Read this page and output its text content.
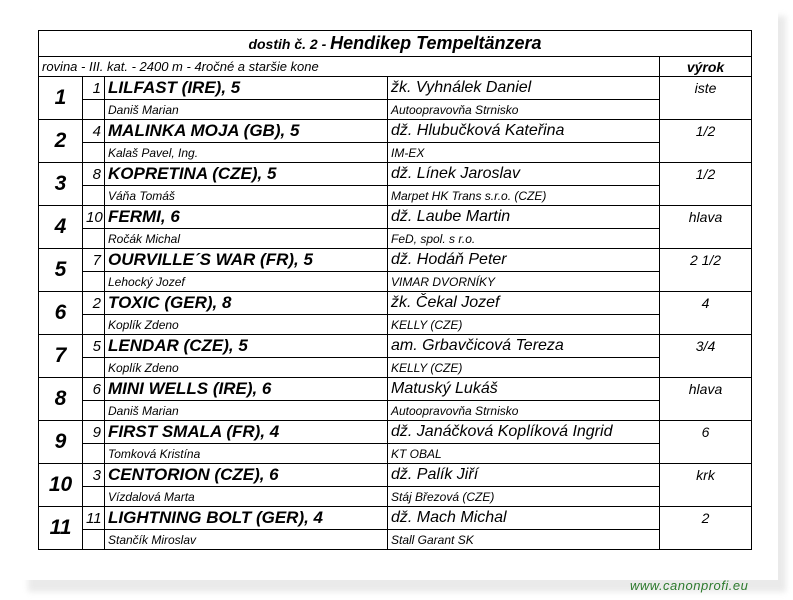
dostih č. 2 - Hendikep Tempeltänzera				
rovina - III. kat. - 2400 m - 4ročné a staršie kone				výrok
1	1	LILFAST (IRE), 5	žk. Vyhnálek Daniel	iste
		Daniš Marian	Autoopravovňa Strnisko	
2	4	MALINKA MOJA (GB), 5	dž. Hlubučková Kateřina	1/2
		Kalaš Pavel, Ing.	IM-EX	
3	8	KOPRETINA (CZE), 5	dž. Línek Jaroslav	1/2
		Váňa Tomáš	Marpet HK Trans s.r.o. (CZE)	
4	10	FERMI, 6	dž. Laube Martin	hlava
		Ročák Michal	FeD, spol. s r.o.	
5	7	OURVILLE´S WAR (FR), 5	dž. Hodáň Peter	2 1/2
		Lehocký Jozef	VIMAR DVORNÍKY	
6	2	TOXIC (GER), 8	žk. Čekal Jozef	4
		Koplík Zdeno	KELLY (CZE)	
7	5	LENDAR (CZE), 5	am. Grbavčicová Tereza	3/4
		Koplík Zdeno	KELLY (CZE)	
8	6	MINI WELLS (IRE), 6	Matuský Lukáš	hlava
		Daniš Marian	Autoopravovňa Strnisko	
9	9	FIRST SMALA (FR), 4	dž. Janáčková Koplíková Ingrid	6
		Tomková Kristína	KT OBAL	
10	3	CENTORION (CZE), 6	dž. Palík Jiří	krk
		Vízdalová Marta	Stáj Březová (CZE)	
11	11	LIGHTNING BOLT (GER), 4	dž. Mach Michal	2
		Stančík Miroslav	Stall Garant SK	
www.canonprofi.eu
